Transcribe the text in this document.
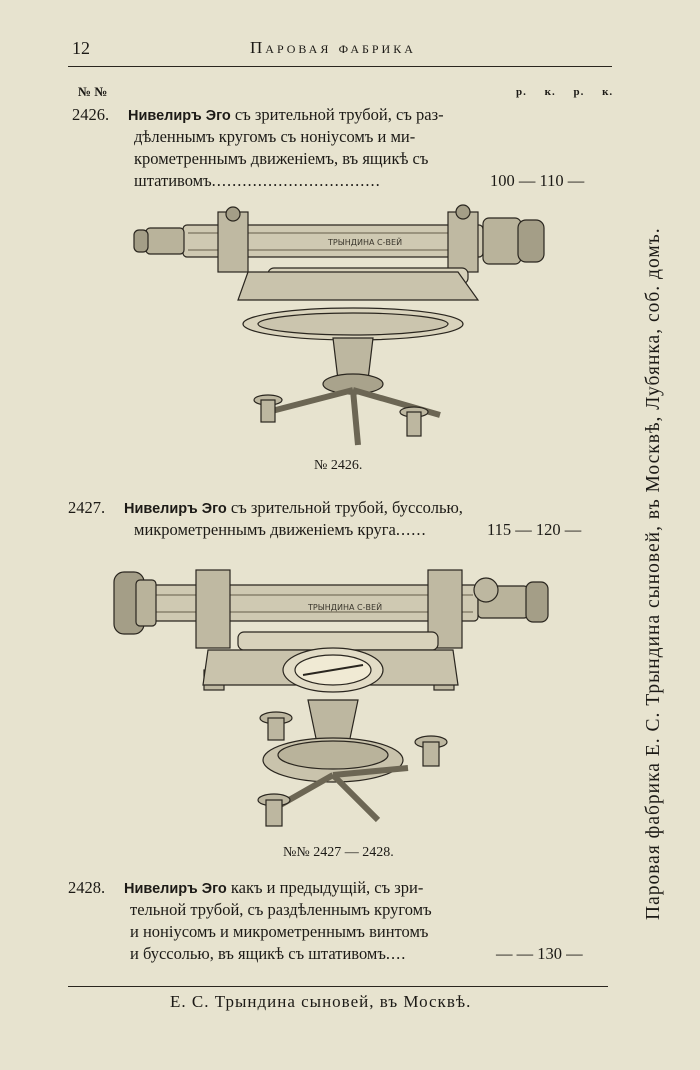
12	Паровая фабрика
№ №	р. к. р. к.
2426. Нивелиръ Эго съ зрительной трубой, съ раз-
дѣленнымъ кругомъ съ нонiусомъ и ми-
крометреннымъ движенiемъ, въ ящикѣ съ
штативомъ.................................	100 — 110 —
ТРЫНДИНА С-ВЕЙ
№ 2426.
2427. Нивелиръ Эго съ зрительной трубой, буссолью,
микрометреннымъ движенiемъ круга......	115 — 120 —
ТРЫНДИНА С-ВЕЙ
№№ 2427 — 2428.
2428. Нивелиръ Эго какъ и предыдущiй, съ зри-
тельной трубой, съ раздѣленнымъ кругомъ
и нонiусомъ и микрометреннымъ винтомъ
и буссолью, въ ящикѣ съ штативомъ....	— — 130 —
Паровая фабрика Е. С. Трындина сыновей, въ Москвѣ, Лубянка, соб. домъ.
Е. С. Трындина сыновей, въ Москвѣ.
